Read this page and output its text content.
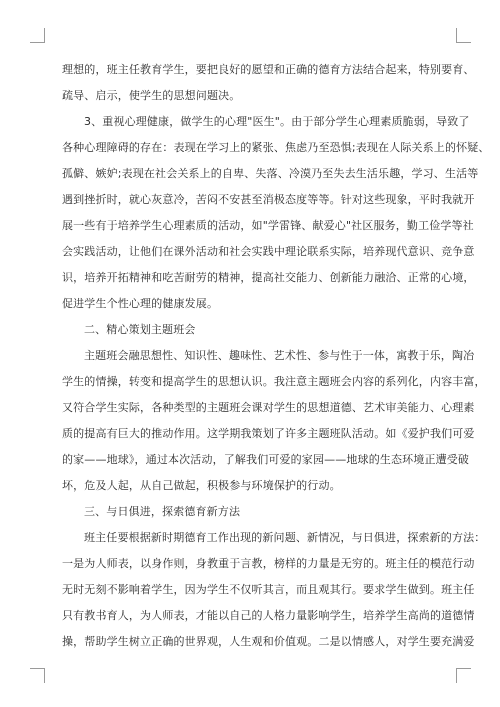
理想的，班主任教育学生，要把良好的愿望和正确的德育方法结合起来，特别要育、
疏导、启示，使学生的思想问题决。
3、重视心理健康，做学生的心理"医生"。由于部分学生心理素质脆弱，导致了
各种心理障碍的存在：表现在学习上的紧张、焦虑乃至恐惧;表现在人际关系上的怀疑、
孤僻、嫉妒;表现在社会关系上的自卑、失落、冷漠乃至失去生活乐趣，学习、生活等
遇到挫折时，就心灰意冷，苦闷不安甚至消极态度等等。针对这些现象，平时我就开
展一些有于培养学生心理素质的活动，如"学雷锋、献爱心"社区服务，勤工俭学等社
会实践活动，让他们在课外活动和社会实践中理论联系实际，培养现代意识、竞争意
识，培养开拓精神和吃苦耐劳的精神，提高社交能力、创新能力融洽、正常的心境，
促进学生个性心理的健康发展。
二、精心策划主题班会
主题班会融思想性、知识性、趣味性、艺术性、参与性于一体，寓教于乐，陶冶
学生的情操，转变和提高学生的思想认识。我注意主题班会内容的系列化，内容丰富，
又符合学生实际，各种类型的主题班会课对学生的思想道德、艺术审美能力、心理素
质的提高有巨大的推动作用。这学期我策划了许多主题班队活动。如《爱护我们可爱
的家——地球》，通过本次活动，了解我们可爱的家园——地球的生态环境正遭受破
坏，危及人起，从自己做起，积极参与环境保护的行动。
三、与日俱进，探索德育新方法
班主任要根据新时期德育工作出现的新问题、新情况，与日俱进，探索新的方法：
一是为人师表，以身作则，身教重于言教，榜样的力量是无穷的。班主任的模范行动
无时无刻不影响着学生，因为学生不仅听其言，而且观其行。要求学生做到。班主任
只有教书育人，为人师表，才能以自己的人格力量影响学生，培养学生高尚的道德情
操，帮助学生树立正确的世界观，人生观和价值观。二是以情感人，对学生要充满爱
